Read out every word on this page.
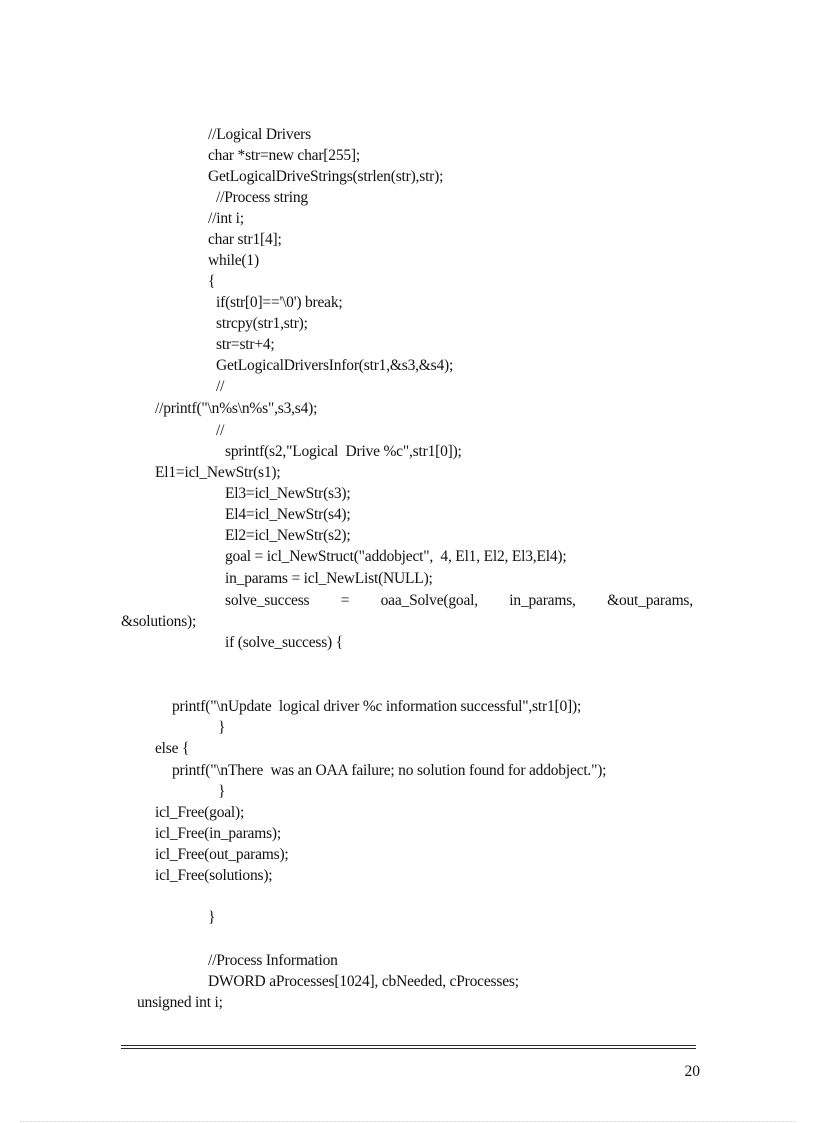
//Logical Drivers
char *str=new char[255];
GetLogicalDriveStrings(strlen(str),str);
//Process string
//int i;
char str1[4];
while(1)
{
if(str[0]=='\0') break;
strcpy(str1,str);
str=str+4;
GetLogicalDriversInfor(str1,&s3,&s4);
//
//printf("\n%s\n%s",s3,s4);
//
sprintf(s2,"Logical  Drive %c",str1[0]);
El1=icl_NewStr(s1);
El3=icl_NewStr(s3);
El4=icl_NewStr(s4);
El2=icl_NewStr(s2);
goal = icl_NewStruct("addobject",  4, El1, El2, El3,El4);
in_params = icl_NewList(NULL);
solve_success = oaa_Solve(goal, in_params, &out_params,
&solutions);
if (solve_success) {
printf("\nUpdate  logical driver %c information successful",str1[0]);
}
else {
printf("\nThere  was an OAA failure; no solution found for addobject.");
}
icl_Free(goal);
icl_Free(in_params);
icl_Free(out_params);
icl_Free(solutions);
}
//Process Information
DWORD aProcesses[1024], cbNeeded, cProcesses;
unsigned int i;
20
